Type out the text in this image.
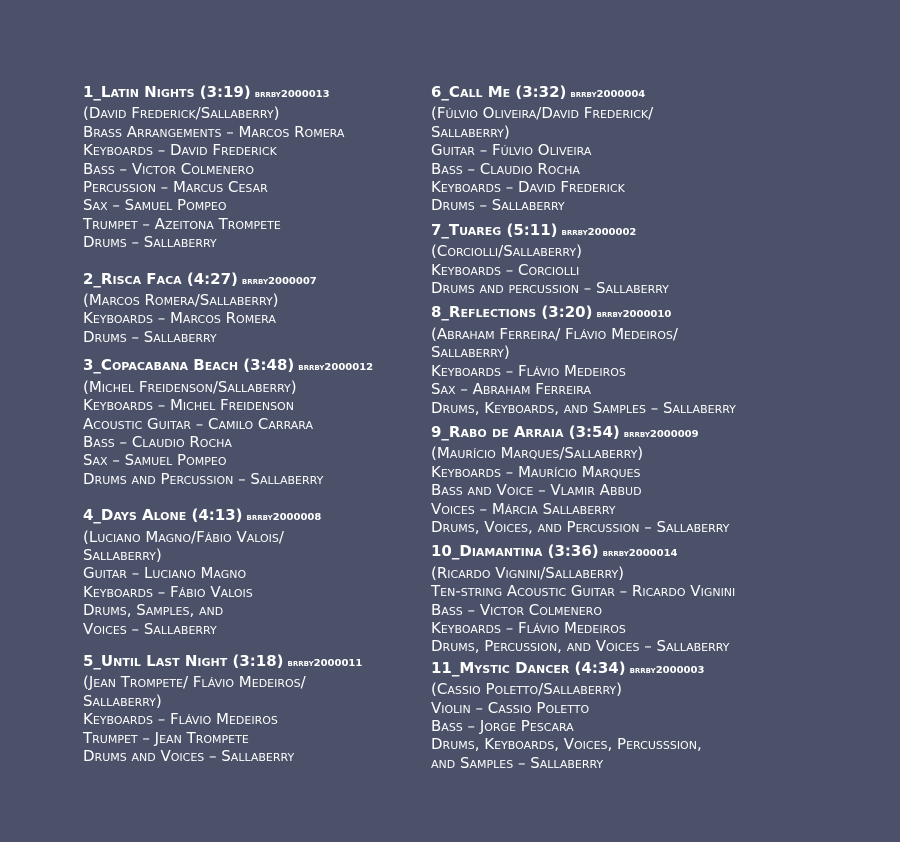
1_Latin Nights (3:19) brrby2000013
(David Frederick/Sallaberry)
Brass Arrangements – Marcos Romera
Keyboards – David Frederick
Bass – Victor Colmenero
Percussion – Marcus Cesar
Sax – Samuel Pompeo
Trumpet – Azeitona Trompete
Drums – Sallaberry
2_Risca Faca (4:27) brrby2000007
(Marcos Romera/Sallaberry)
Keyboards – Marcos Romera
Drums – Sallaberry
3_Copacabana Beach (3:48) brrby2000012
(Michel Freidenson/Sallaberry)
Keyboards – Michel Freidenson
Acoustic Guitar – Camilo Carrara
Bass – Claudio Rocha
Sax – Samuel Pompeo
Drums and Percussion – Sallaberry
4_Days Alone (4:13) brrby2000008
(Luciano Magno/Fábio Valois/
Sallaberry)
Guitar – Luciano Magno
Keyboards – Fábio Valois
Drums, Samples, and
Voices – Sallaberry
5_Until Last Night (3:18) brrby2000011
(Jean Trompete/ Flávio Medeiros/
Sallaberry)
Keyboards – Flávio Medeiros
Trumpet – Jean Trompete
Drums and Voices – Sallaberry
6_Call Me (3:32) brrby2000004
(Fúlvio Oliveira/David Frederick/
Sallaberry)
Guitar – Fúlvio Oliveira
Bass – Claudio Rocha
Keyboards – David Frederick
Drums – Sallaberry
7_Tuareg (5:11) brrby2000002
(Corciolli/Sallaberry)
Keyboards – Corciolli
Drums and percussion – Sallaberry
8_Reflections (3:20) brrby2000010
(Abraham Ferreira/ Flávio Medeiros/
Sallaberry)
Keyboards – Flávio Medeiros
Sax – Abraham Ferreira
Drums, Keyboards, and Samples – Sallaberry
9_Rabo de Arraia (3:54) brrby2000009
(Maurício Marques/Sallaberry)
Keyboards – Maurício Marques
Bass and Voice – Vlamir Abbud
Voices – Márcia Sallaberry
Drums, Voices, and Percussion – Sallaberry
10_Diamantina (3:36) brrby2000014
(Ricardo Vignini/Sallaberry)
Ten-string Acoustic Guitar – Ricardo Vignini
Bass – Victor Colmenero
Keyboards – Flávio Medeiros
Drums, Percussion, and Voices – Sallaberry
11_Mystic Dancer (4:34) brrby2000003
(Cassio Poletto/Sallaberry)
Violin – Cassio Poletto
Bass – Jorge Pescara
Drums, Keyboards, Voices, Percusssion,
and Samples – Sallaberry
